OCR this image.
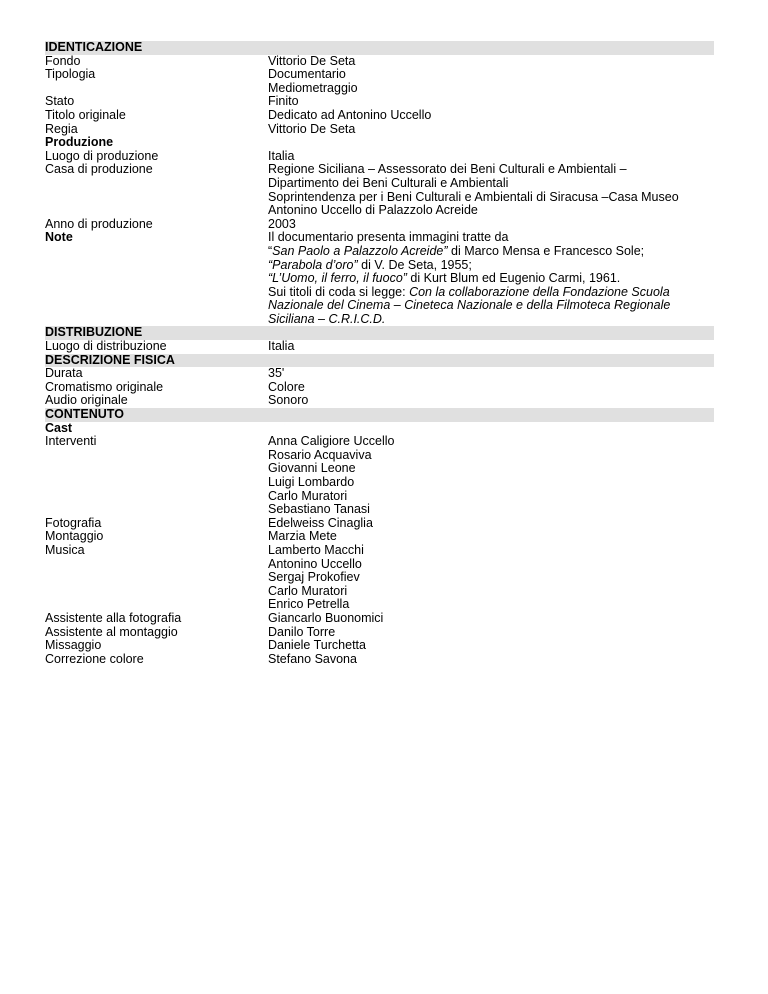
IDENTICAZIONE
Fondo	Vittorio De Seta
Tipologia	Documentario

Mediometraggio

Stato	Finito
Titolo originale	Dedicato ad Antonino Uccello
Regia	Vittorio De Seta
Produzione
Luogo di produzione	Italia
Casa di produzione	Regione Siciliana – Assessorato dei Beni Culturali e Ambientali –

Dipartimento dei Beni Culturali e Ambientali

Soprintendenza per i Beni Culturali e Ambientali di Siracusa –Casa Museo

Antonino Uccello di Palazzolo Acreide

Anno di produzione	2003
Note	Il documentario presenta immagini tratte da

“San Paolo a Palazzolo Acreide” di Marco Mensa e Francesco Sole;

“Parabola d’oro” di V. De Seta, 1955;

“L’Uomo, il ferro, il fuoco” di Kurt Blum ed Eugenio Carmi, 1961.

Sui titoli di coda si legge: Con la collaborazione della Fondazione Scuola

Nazionale del Cinema – Cineteca Nazionale e della Filmoteca Regionale

Siciliana – C.R.I.C.D.

DISTRIBUZIONE
Luogo di distribuzione	Italia
DESCRIZIONE FISICA
Durata	35'
Cromatismo originale	Colore
Audio originale	Sonoro
CONTENUTO
Cast
Interventi	Anna Caligiore Uccello

Rosario Acquaviva

Giovanni Leone

Luigi Lombardo

Carlo Muratori

Sebastiano Tanasi

Fotografia	Edelweiss Cinaglia
Montaggio	Marzia Mete
Musica	Lamberto Macchi

Antonino Uccello

Sergaj Prokofiev

Carlo Muratori

Enrico Petrella

Assistente alla fotografia	Giancarlo Buonomici
Assistente al montaggio	Danilo Torre
Missaggio	Daniele Turchetta
Correzione colore	Stefano Savona
